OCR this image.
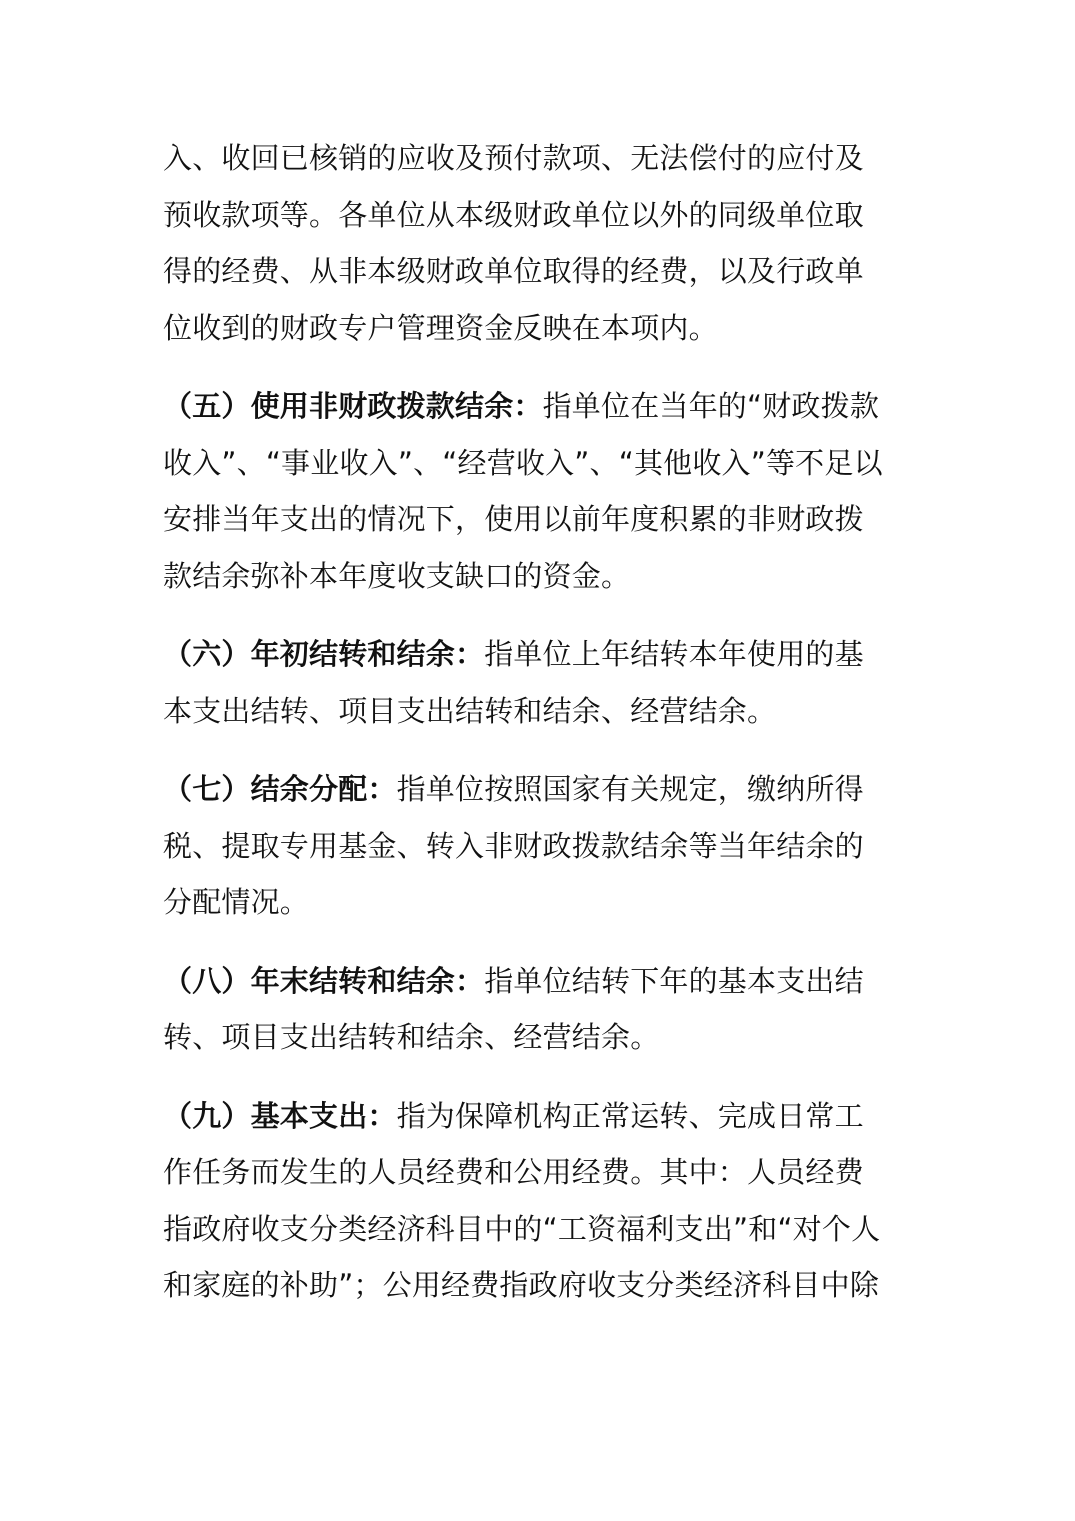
入、收回已核销的应收及预付款项、无法偿付的应付及预收款项等。各单位从本级财政单位以外的同级单位取得的经费、从非本级财政单位取得的经费，以及行政单位收到的财政专户管理资金反映在本项内。

（五）使用非财政拨款结余：指单位在当年的“财政拨款收入”、“事业收入”、“经营收入”、“其他收入”等不足以安排当年支出的情况下，使用以前年度积累的非财政拨款结余弥补本年度收支缺口的资金。

（六）年初结转和结余：指单位上年结转本年使用的基本支出结转、项目支出结转和结余、经营结余。

（七）结余分配：指单位按照国家有关规定，缴纳所得税、提取专用基金、转入非财政拨款结余等当年结余的分配情况。

（八）年末结转和结余：指单位结转下年的基本支出结转、项目支出结转和结余、经营结余。

（九）基本支出：指为保障机构正常运转、完成日常工作任务而发生的人员经费和公用经费。其中：人员经费指政府收支分类经济科目中的“工资福利支出”和“对个人和家庭的补助”；公用经费指政府收支分类经济科目中除
